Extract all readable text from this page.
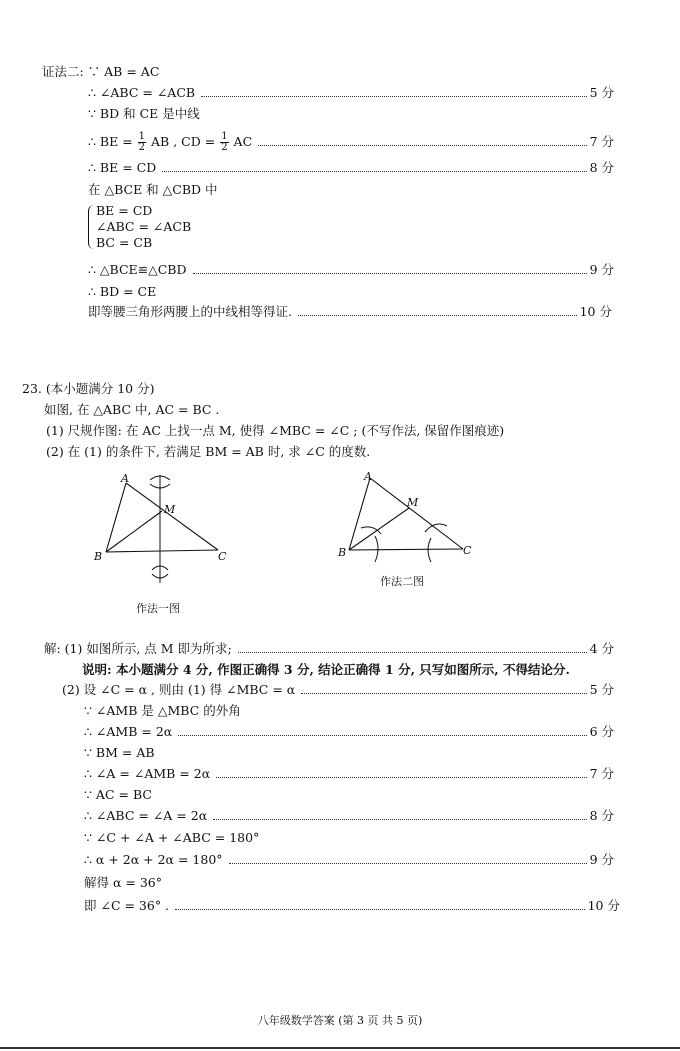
证法二: ∵ AB = AC
∴ ∠ABC = ∠ACB	5 分
∵ BD 和 CE 是中线
∴ BE = $\frac{1}{2}$ AB , CD = $\frac{1}{2}$ AC	7 分
∴ BE = CD	8 分
在 △BCE 和 △CBD 中
BE = CD
∠ABC = ∠ACB
BC = CB
∴ △BCE≌△CBD	9 分
∴ BD = CE
即等腰三角形两腰上的中线相等得证.	10 分
23. (本小题满分 10 分)
如图, 在 △ABC 中, AC = BC .
(1) 尺规作图: 在 AC 上找一点 M, 使得 ∠MBC = ∠C ; (不写作法, 保留作图痕迹)
(2) 在 (1) 的条件下, 若满足 BM = AB 时, 求 ∠C 的度数.
A
B	C
M
作法一图
A
B	C
M
作法二图
解: (1) 如图所示, 点 M 即为所求;	4 分
说明: 本小题满分 4 分, 作图正确得 3 分, 结论正确得 1 分, 只写如图所示, 不得结论分.
(2) 设 ∠C = α , 则由 (1) 得 ∠MBC = α	5 分
∵ ∠AMB 是 △MBC 的外角
∴ ∠AMB = 2α	6 分
∵ BM = AB
∴ ∠A = ∠AMB = 2α	7 分
∵ AC = BC
∴ ∠ABC = ∠A = 2α	8 分
∵ ∠C + ∠A + ∠ABC = 180°
∴ α + 2α + 2α = 180°	9 分
解得 α = 36°
即 ∠C = 36° .	10 分
八年级数学答案 (第 3 页 共 5 页)
